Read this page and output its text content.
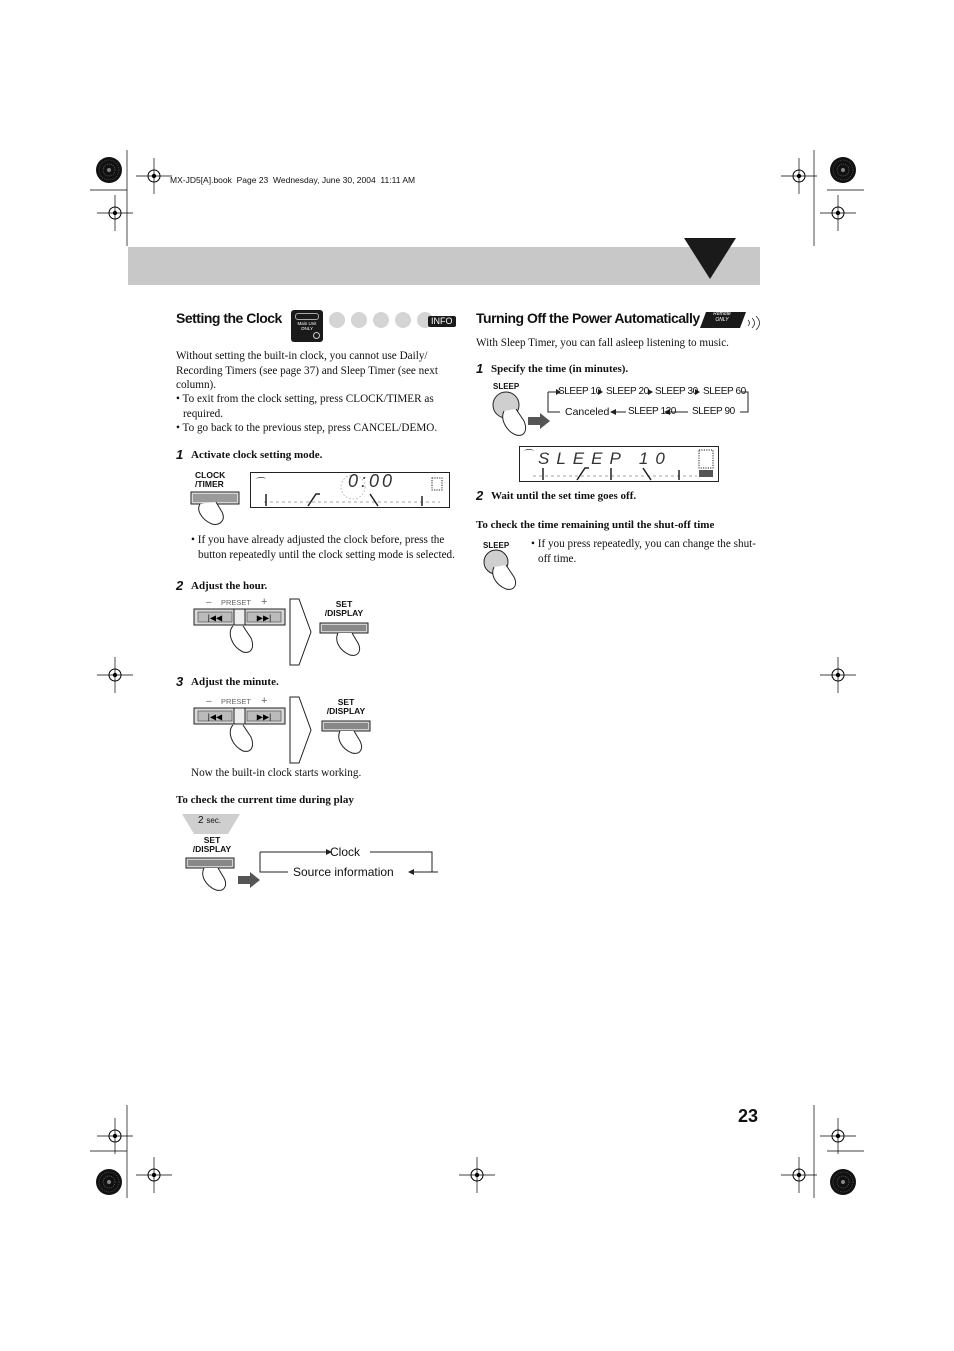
MX-JD5[A].book  Page 23  Wednesday, June 30, 2004  11:11 AM
Setting the Clock	Main Unit ONLY
INFO
Without setting the built-in clock, you cannot use Daily/ Recording Timers (see page 37) and Sleep Timer (see next column).
• To exit from the clock setting, press CLOCK/TIMER as required.
• To go back to the previous step, press CANCEL/DEMO.
1 Activate clock setting mode.
CLOCK
/TIMER	⌒	0:00
• If you have already adjusted the clock before, press the button repeatedly until the clock setting mode is selected.
2 Adjust the hour.
– PRESET +
|◀◀	▶▶|
SET
/DISPLAY
3 Adjust the minute.
– PRESET +
|◀◀	▶▶|
SET
/DISPLAY
Now the built-in clock starts working.
To check the current time during play
2 sec.
SET
/DISPLAY	Clock
Source information
Turning Off the Power Automatically	Remote ONLY
With Sleep Timer, you can fall asleep listening to music.
1 Specify the time (in minutes).
SLEEP	SLEEP 10 SLEEP 20 SLEEP 30 SLEEP 60
Canceled SLEEP 120 SLEEP 90
⌒ SLEEP 10
2 Wait until the set time goes off.
To check the time remaining until the shut-off time
SLEEP • If you press repeatedly, you can change the shut-off time.
23
